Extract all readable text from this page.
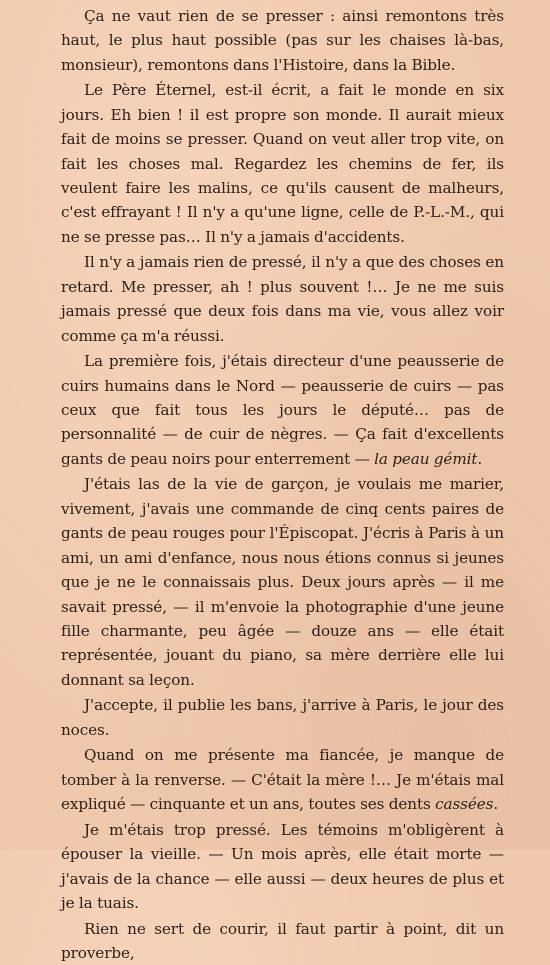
Ça ne vaut rien de se presser : ainsi remontons très haut, le plus haut possible (pas sur les chaises là-bas, monsieur), remontons dans l'Histoire, dans la Bible.

Le Père Éternel, est-il écrit, a fait le monde en six jours. Eh bien ! il est propre son monde. Il aurait mieux fait de moins se presser. Quand on veut aller trop vite, on fait les choses mal. Regardez les chemins de fer, ils veulent faire les malins, ce qu'ils causent de malheurs, c'est effrayant ! Il n'y a qu'une ligne, celle de P.-L.-M., qui ne se presse pas… Il n'y a jamais d'accidents.

Il n'y a jamais rien de pressé, il n'y a que des choses en retard. Me presser, ah ! plus souvent !… Je ne me suis jamais pressé que deux fois dans ma vie, vous allez voir comme ça m'a réussi.

La première fois, j'étais directeur d'une peausserie de cuirs humains dans le Nord — peausserie de cuirs — pas ceux que fait tous les jours le député… pas de personnalité — de cuir de nègres. — Ça fait d'excellents gants de peau noirs pour enterrement — la peau gémit.

J'étais las de la vie de garçon, je voulais me marier, vivement, j'avais une commande de cinq cents paires de gants de peau rouges pour l'Épiscopat. J'écris à Paris à un ami, un ami d'enfance, nous nous étions connus si jeunes que je ne le connaissais plus. Deux jours après — il me savait pressé, — il m'envoie la photographie d'une jeune fille charmante, peu âgée — douze ans — elle était représentée, jouant du piano, sa mère derrière elle lui donnant sa leçon.

J'accepte, il publie les bans, j'arrive à Paris, le jour des noces.

Quand on me présente ma fiancée, je manque de tomber à la renverse. — C'était la mère !… Je m'étais mal expliqué — cinquante et un ans, toutes ses dents cassées.

Je m'étais trop pressé. Les témoins m'obligèrent à épouser la vieille. — Un mois après, elle était morte — j'avais de la chance — elle aussi — deux heures de plus et je la tuais.

Rien ne sert de courir, il faut partir à point, dit un proverbe,
